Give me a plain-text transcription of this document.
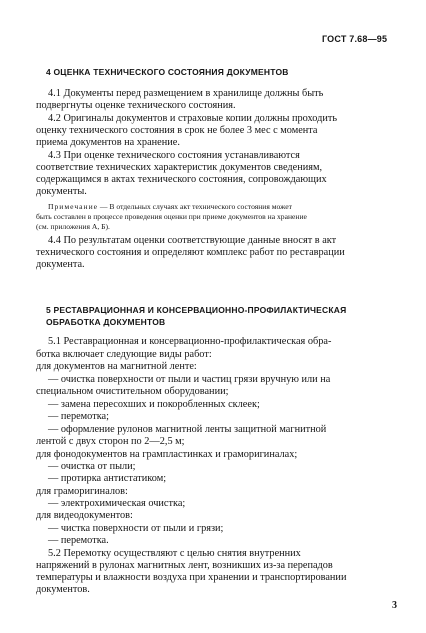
ГОСТ 7.68—95
4 ОЦЕНКА ТЕХНИЧЕСКОГО СОСТОЯНИЯ ДОКУМЕНТОВ
4.1 Документы перед размещением в хранилище должны быть
подвергнуты оценке технического состояния.
4.2 Оригиналы документов и страховые копии должны проходить
оценку технического состояния в срок не более 3 мес с момента
приема документов на хранение.
4.3 При оценке технического состояния устанавливаются
соответствие технических характеристик документов сведениям,
содержащимся в актах технического состояния, сопровождающих
документы.
Примечание — В отдельных случаях акт технического состояния может
быть составлен в процессе проведения оценки при приеме документов на хранение
(см. приложения А, Б).
4.4 По результатам оценки соответствующие данные вносят в акт
технического состояния и определяют комплекс работ по реставрации
документа.
5 РЕСТАВРАЦИОННАЯ И КОНСЕРВАЦИОННО-ПРОФИЛАКТИЧЕСКАЯ
ОБРАБОТКА ДОКУМЕНТОВ
5.1 Реставрационная и консервационно-профилактическая обра-
ботка включает следующие виды работ:
для документов на магнитной ленте:
— очистка поверхности от пыли и частиц грязи вручную или на
специальном очистительном оборудовании;
— замена пересохших и покоробленных склеек;
— перемотка;
— оформление рулонов магнитной ленты защитной магнитной
лентой с двух сторон по 2—2,5 м;
для фонодокументов на грампластинках и граморигиналах;
— очистка от пыли;
— протирка антистатиком;
для граморигиналов:
— электрохимическая очистка;
для видеодокументов:
— чистка поверхности от пыли и грязи;
— перемотка.
5.2 Перемотку осуществляют с целью снятия внутренних
напряжений в рулонах магнитных лент, возникших из-за перепадов
температуры и влажности воздуха при хранении и транспортировании
документов.
3
